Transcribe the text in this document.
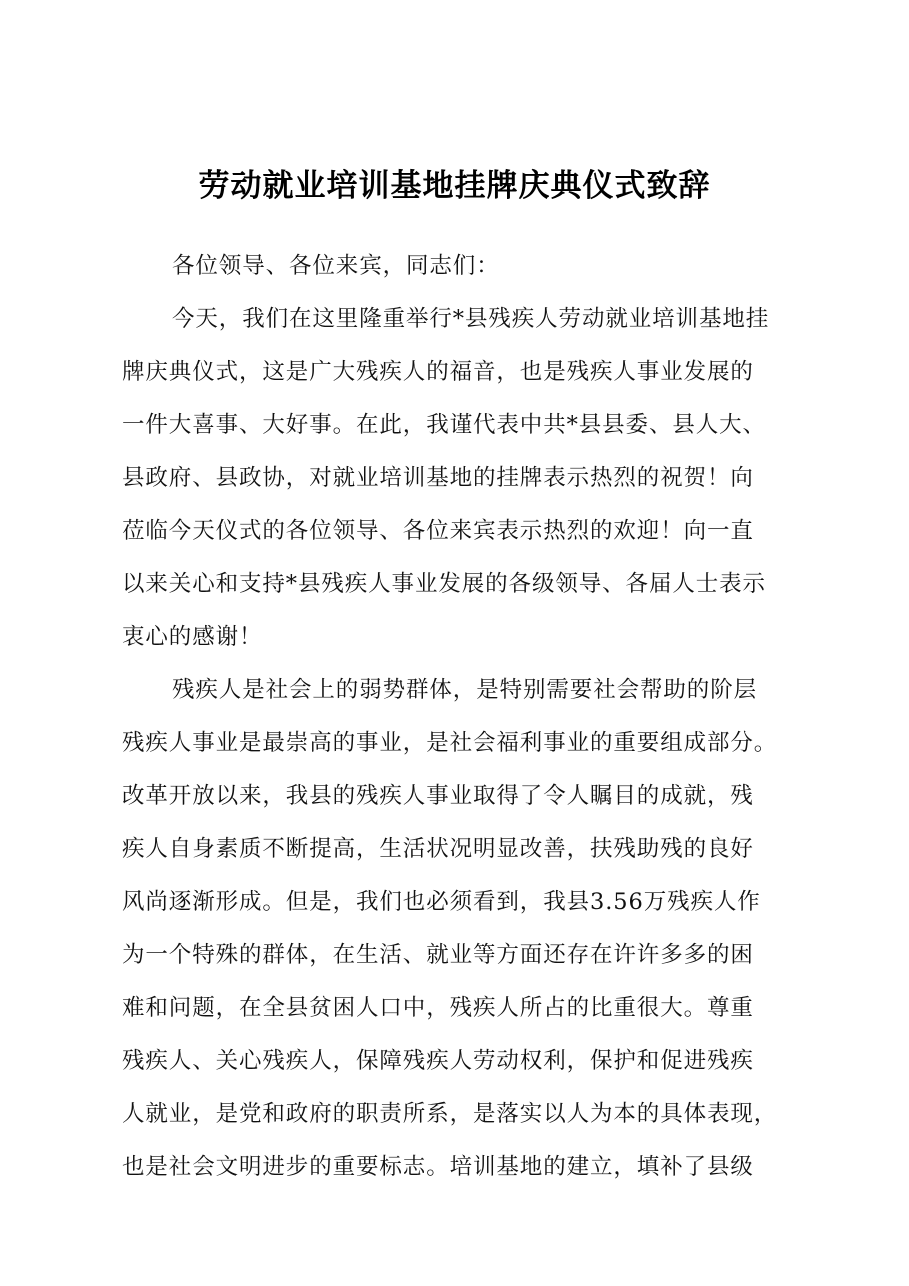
劳动就业培训基地挂牌庆典仪式致辞
各位领导、各位来宾，同志们：
今天，我们在这里隆重举行*县残疾人劳动就业培训基地挂
牌庆典仪式，这是广大残疾人的福音，也是残疾人事业发展的
一件大喜事、大好事。在此，我谨代表中共*县县委、县人大、
县政府、县政协，对就业培训基地的挂牌表示热烈的祝贺！向
莅临今天仪式的各位领导、各位来宾表示热烈的欢迎！向一直
以来关心和支持*县残疾人事业发展的各级领导、各届人士表示
衷心的感谢！
残疾人是社会上的弱势群体，是特别需要社会帮助的阶层
残疾人事业是最崇高的事业，是社会福利事业的重要组成部分。
改革开放以来，我县的残疾人事业取得了令人瞩目的成就，残
疾人自身素质不断提高，生活状况明显改善，扶残助残的良好
风尚逐渐形成。但是，我们也必须看到，我县3.56万残疾人作
为一个特殊的群体，在生活、就业等方面还存在许许多多的困
难和问题，在全县贫困人口中，残疾人所占的比重很大。尊重
残疾人、关心残疾人，保障残疾人劳动权利，保护和促进残疾
人就业，是党和政府的职责所系，是落实以人为本的具体表现，
也是社会文明进步的重要标志。培训基地的建立，填补了县级
